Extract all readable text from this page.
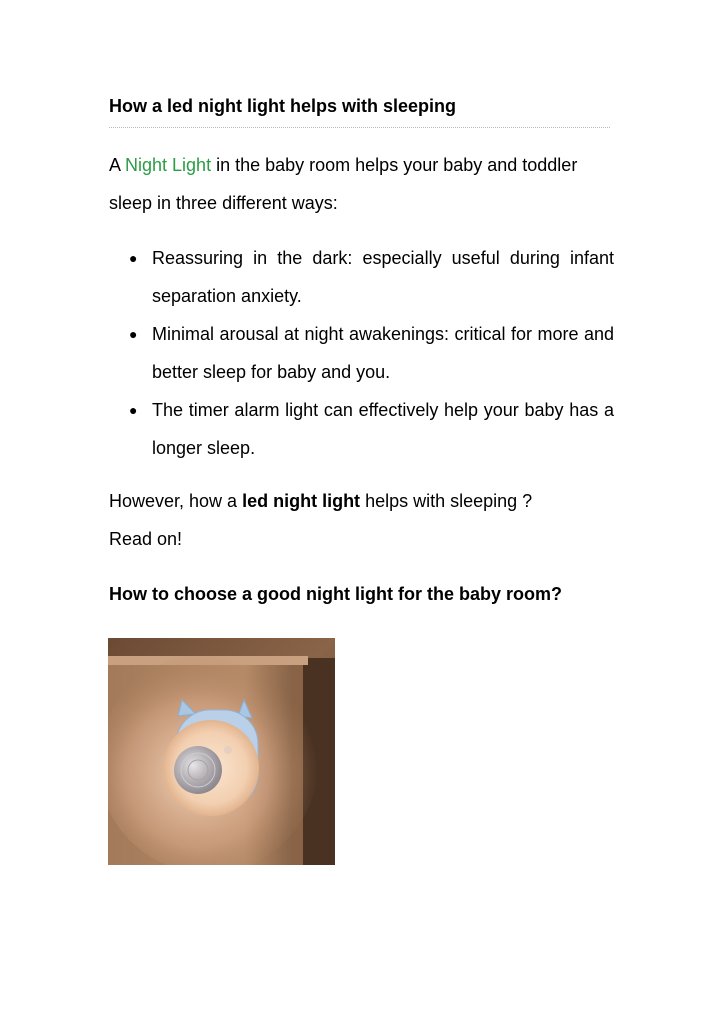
How a led night light helps with sleeping
A Night Light in the baby room helps your baby and toddler sleep in three different ways:
● Reassuring in the dark: especially useful during infant separation anxiety.
● Minimal arousal at night awakenings: critical for more and better sleep for baby and you.
● The timer alarm light can effectively help your baby has a longer sleep.
However, how a led night light helps with sleeping ?
Read on!
How to choose a good night light for the baby room?
